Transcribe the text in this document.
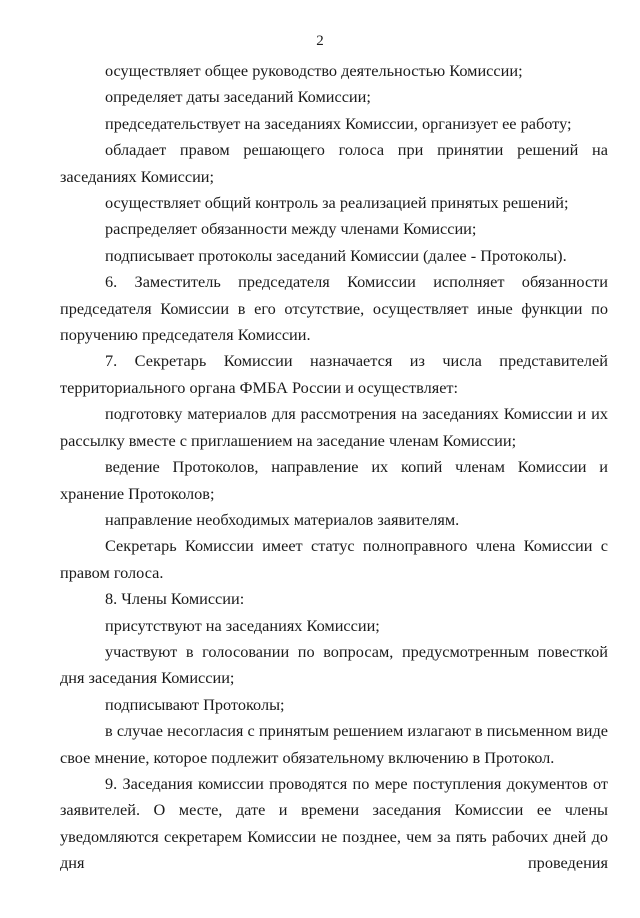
2

осуществляет общее руководство деятельностью Комиссии;

определяет даты заседаний Комиссии;

председательствует на заседаниях Комиссии, организует ее работу;

обладает правом решающего голоса при принятии решений на заседаниях Комиссии;

осуществляет общий контроль за реализацией принятых решений;

распределяет обязанности между членами Комиссии;

подписывает протоколы заседаний Комиссии (далее - Протоколы).

6. Заместитель председателя Комиссии исполняет обязанности председателя Комиссии в его отсутствие, осуществляет иные функции по поручению председателя Комиссии.

7. Секретарь Комиссии назначается из числа представителей территориального органа ФМБА России и осуществляет:

подготовку материалов для рассмотрения на заседаниях Комиссии и их рассылку вместе с приглашением на заседание членам Комиссии;

ведение Протоколов, направление их копий членам Комиссии и хранение Протоколов;

направление необходимых материалов заявителям.

Секретарь Комиссии имеет статус полноправного члена Комиссии с правом голоса.

8. Члены Комиссии:

присутствуют на заседаниях Комиссии;

участвуют в голосовании по вопросам, предусмотренным повесткой дня заседания Комиссии;

подписывают Протоколы;

в случае несогласия с принятым решением излагают в письменном виде свое мнение, которое подлежит обязательному включению в Протокол.

9. Заседания комиссии проводятся по мере поступления документов от заявителей. О месте, дате и времени заседания Комиссии ее члены уведомляются секретарем Комиссии не позднее, чем за пять рабочих дней до дня проведения
